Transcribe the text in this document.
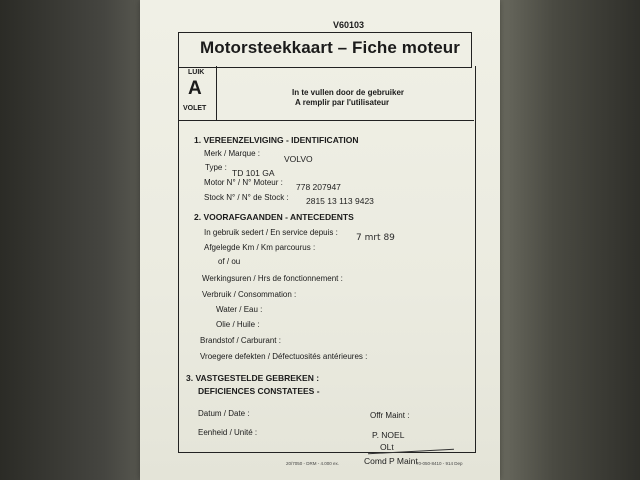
V60103
Motorsteekkaart – Fiche moteur
LUIK
A
VOLET
In te vullen door de gebruiker
A remplir par l'utilisateur
1. VEREENZELVIGING - IDENTIFICATION
Merk / Marque :
VOLVO
Type :
TD 101 GA
Motor N° / N° Moteur : 778 207947
Stock N° / N° de Stock : 2815 13 113 9423
2. VOORAFGAANDEN - ANTECEDENTS
In gebruik sedert / En service depuis :
7 mrt 89
Afgelegde Km / Km parcourus :
of / ou
Werkingsuren / Hrs de fonctionnement :
Verbruik / Consommation :
Water / Eau :
Olie / Huile :
Brandstof / Carburant :
Vroegere defekten / Défectuosités antérieures :
3. VASTGESTELDE GEBREKEN :
DEFICIENCES CONSTATEES -
Datum / Date :
Eenheid / Unité :
Offr Maint :
P. NOEL
OLt
Comd P Maint
20/7050 - DRM - 4.000 ex.	70-050-8410 - 914 Dep
